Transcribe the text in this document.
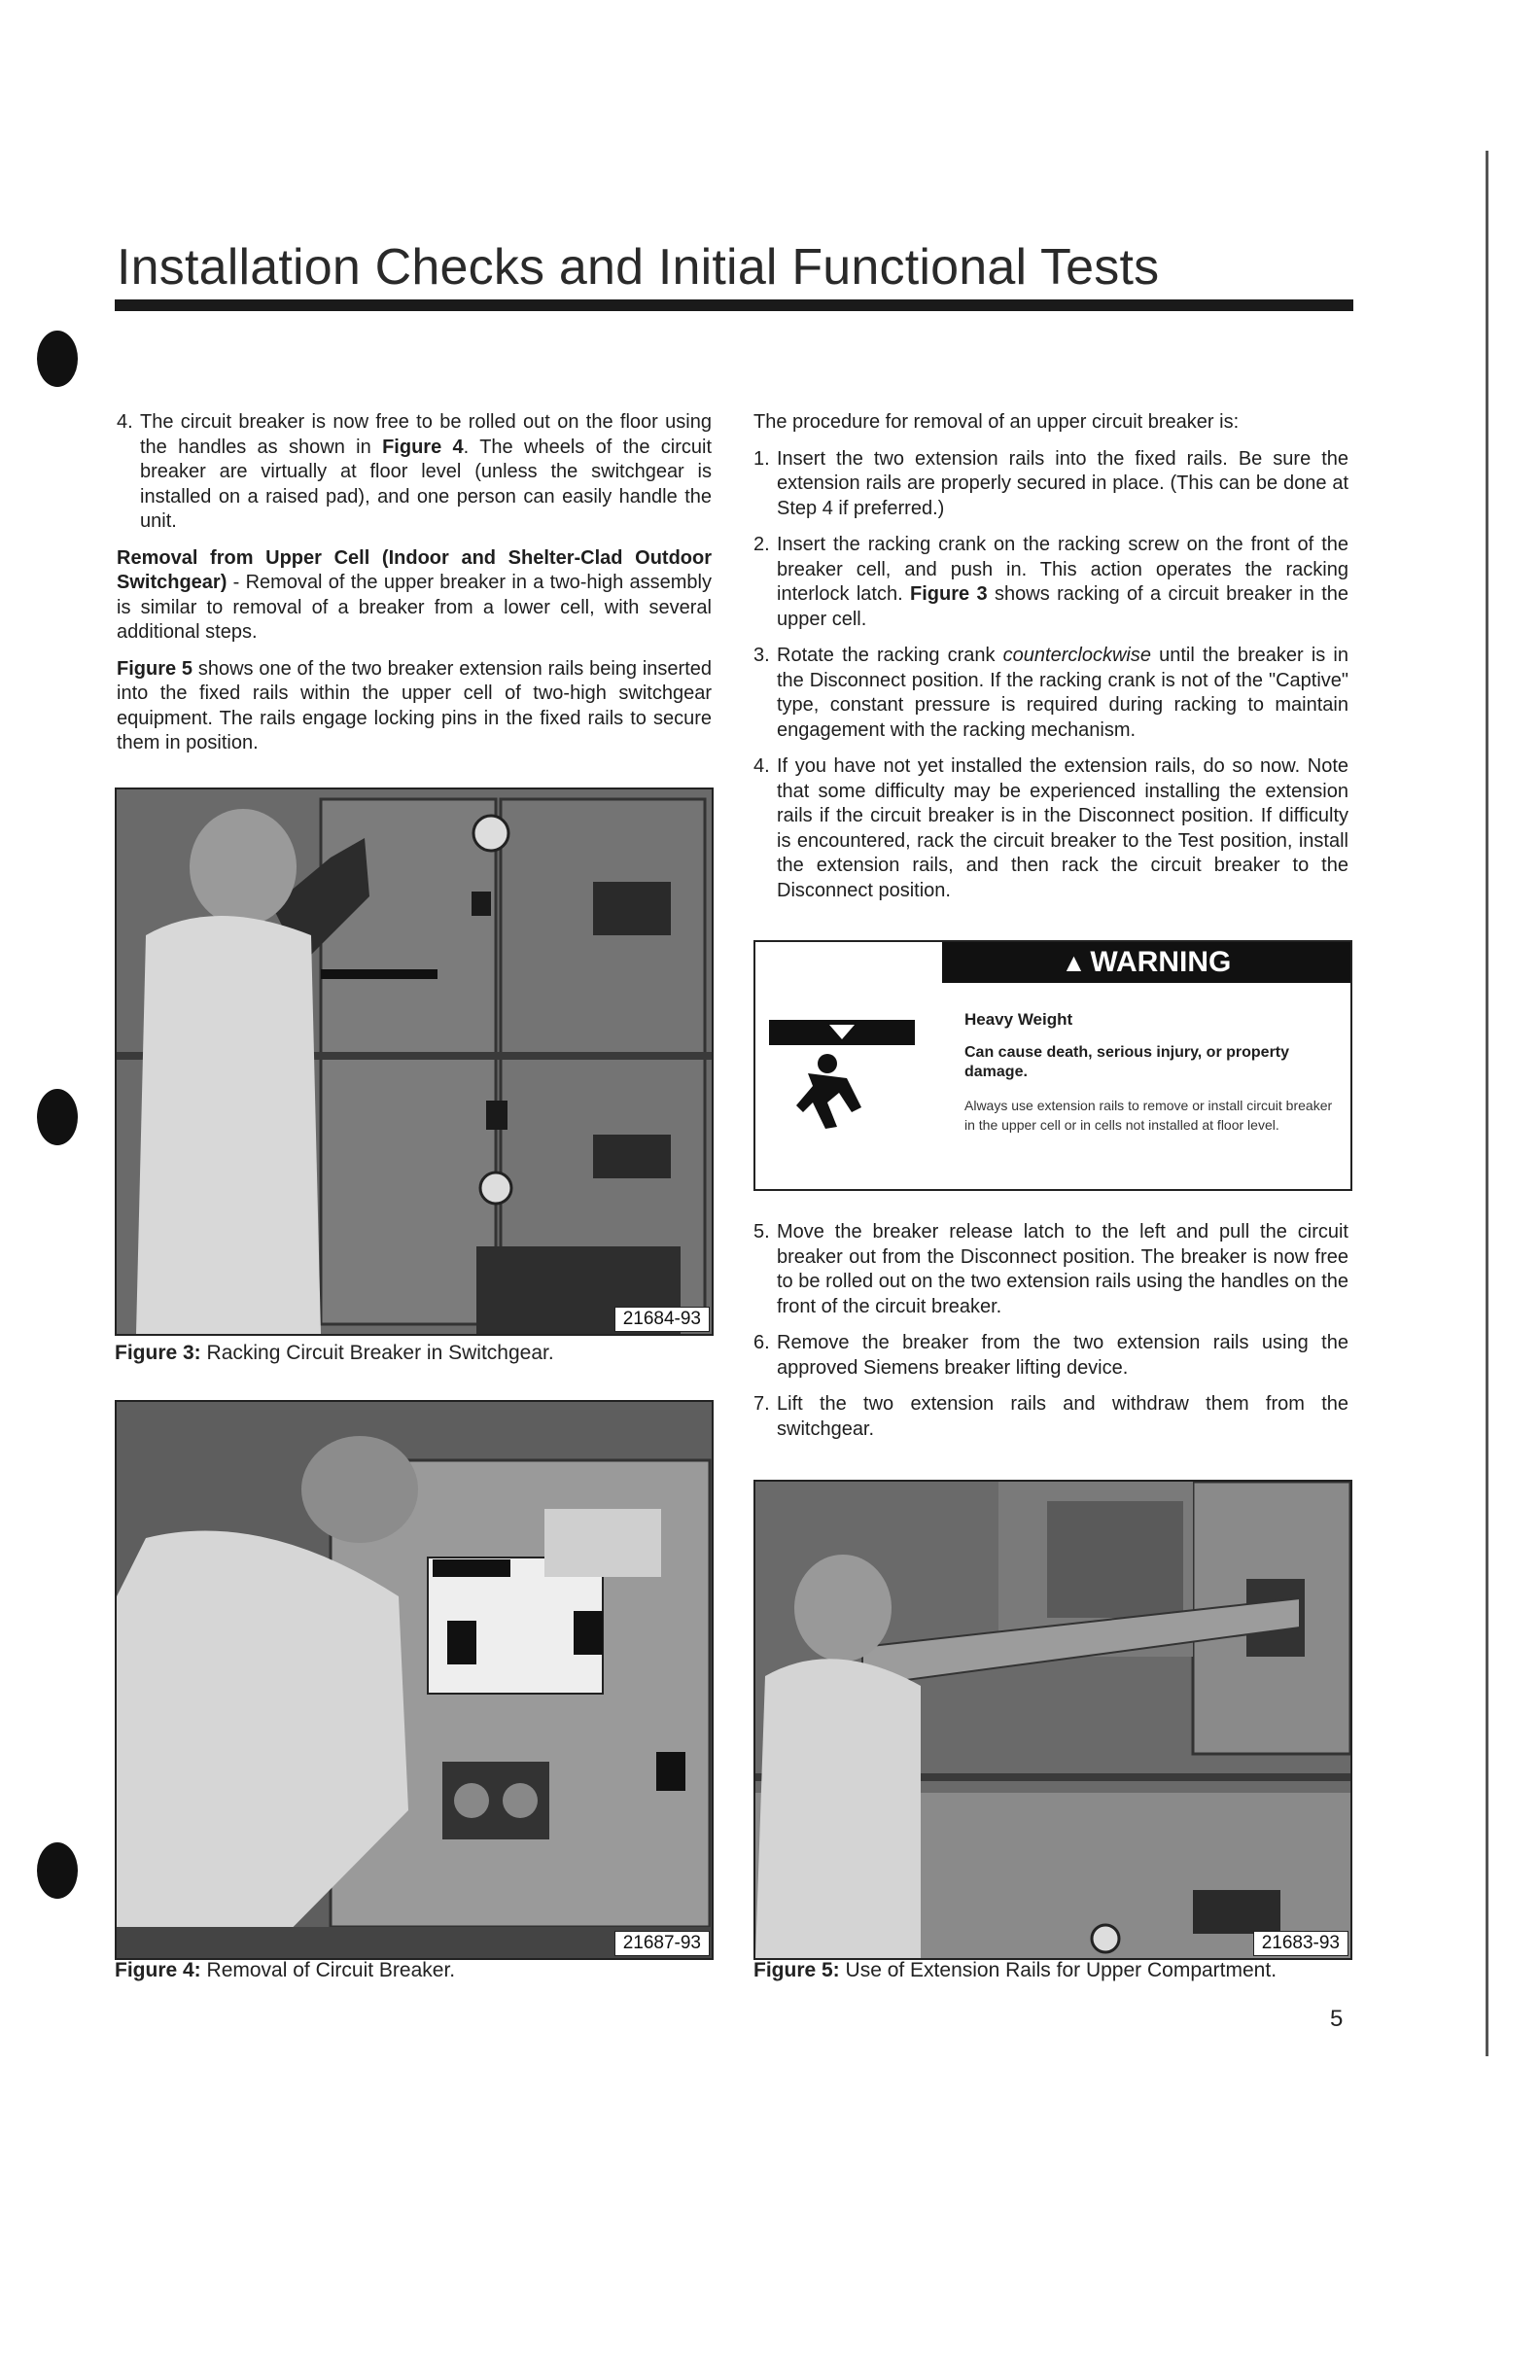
Installation Checks and Initial Functional Tests
4. The circuit breaker is now free to be rolled out on the floor using the handles as shown in Figure 4. The wheels of the circuit breaker are virtually at floor level (unless the switchgear is installed on a raised pad), and one person can easily handle the unit.

Removal from Upper Cell (Indoor and Shelter-Clad Outdoor Switchgear) - Removal of the upper breaker in a two-high assembly is similar to removal of a breaker from a lower cell, with several additional steps.

Figure 5 shows one of the two breaker extension rails being inserted into the fixed rails within the upper cell of two-high switchgear equipment. The rails engage locking pins in the fixed rails to secure them in position.

21684-93
Figure 3: Racking Circuit Breaker in Switchgear.
21687-93
Figure 4: Removal of Circuit Breaker.

The procedure for removal of an upper circuit breaker is:

1. Insert the two extension rails into the fixed rails. Be sure the extension rails are properly secured in place. (This can be done at Step 4 if preferred.)
2. Insert the racking crank on the racking screw on the front of the breaker cell, and push in. This action operates the racking interlock latch. Figure 3 shows racking of a circuit breaker in the upper cell.
3. Rotate the racking crank counterclockwise until the breaker is in the Disconnect position. If the racking crank is not of the "Captive" type, constant pressure is required during racking to maintain engagement with the racking mechanism.
4. If you have not yet installed the extension rails, do so now. Note that some difficulty may be experienced installing the extension rails if the circuit breaker is in the Disconnect position. If difficulty is encountered, rack the circuit breaker to the Test position, install the extension rails, and then rack the circuit breaker to the Disconnect position.
▲ WARNING
Heavy Weight
Can cause death, serious injury, or property damage.
Always use extension rails to remove or install circuit breaker in the upper cell or in cells not installed at floor level.
5. Move the breaker release latch to the left and pull the circuit breaker out from the Disconnect position. The breaker is now free to be rolled out on the two extension rails using the handles on the front of the circuit breaker.
6. Remove the breaker from the two extension rails using the approved Siemens breaker lifting device.
7. Lift the two extension rails and withdraw them from the switchgear.
21683-93
Figure 5: Use of Extension Rails for Upper Compartment.
5
